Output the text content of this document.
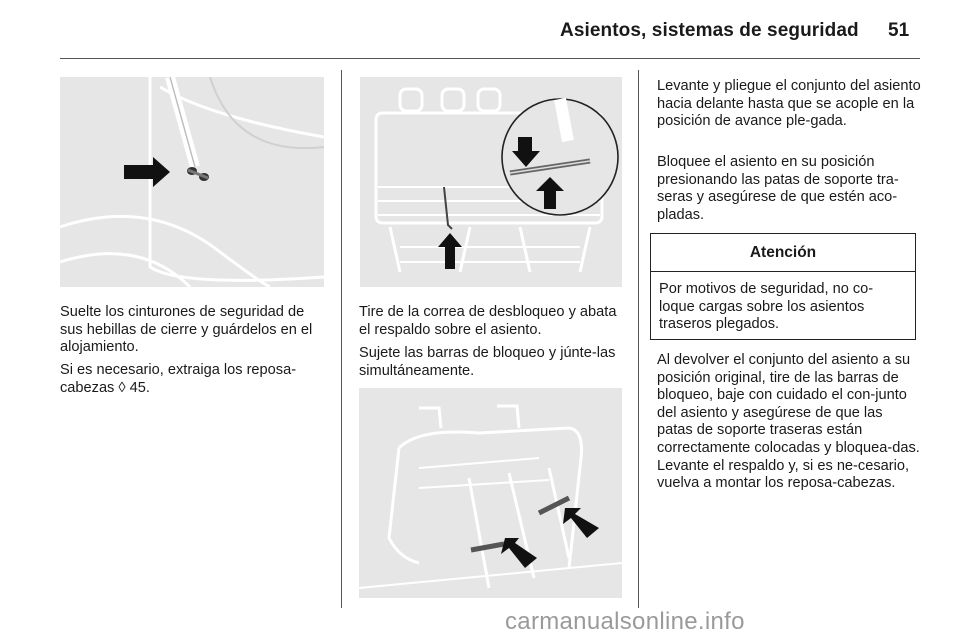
Asientos, sistemas de seguridad 51

Suelte los cinturones de seguridad de sus hebillas de cierre y guárdelos en el alojamiento.

Si es necesario, extraiga los reposa-cabezas ◊ 45.

Tire de la correa de desbloqueo y abata el respaldo sobre el asiento.

Sujete las barras de bloqueo y júnte-las simultáneamente.

Levante y pliegue el conjunto del asiento hacia delante hasta que se acople en la posición de avance ple-gada.

Bloquee el asiento en su posición presionando las patas de soporte tra-seras y asegúrese de que estén aco-pladas.

Atención
Por motivos de seguridad, no co-loque cargas sobre los asientos traseros plegados.

Al devolver el conjunto del asiento a su posición original, tire de las barras de bloqueo, baje con cuidado el con-junto del asiento y asegúrese de que las patas de soporte traseras están correctamente colocadas y bloquea-das. Levante el respaldo y, si es ne-cesario, vuelva a montar los reposa-cabezas.

carmanualsonline.info
